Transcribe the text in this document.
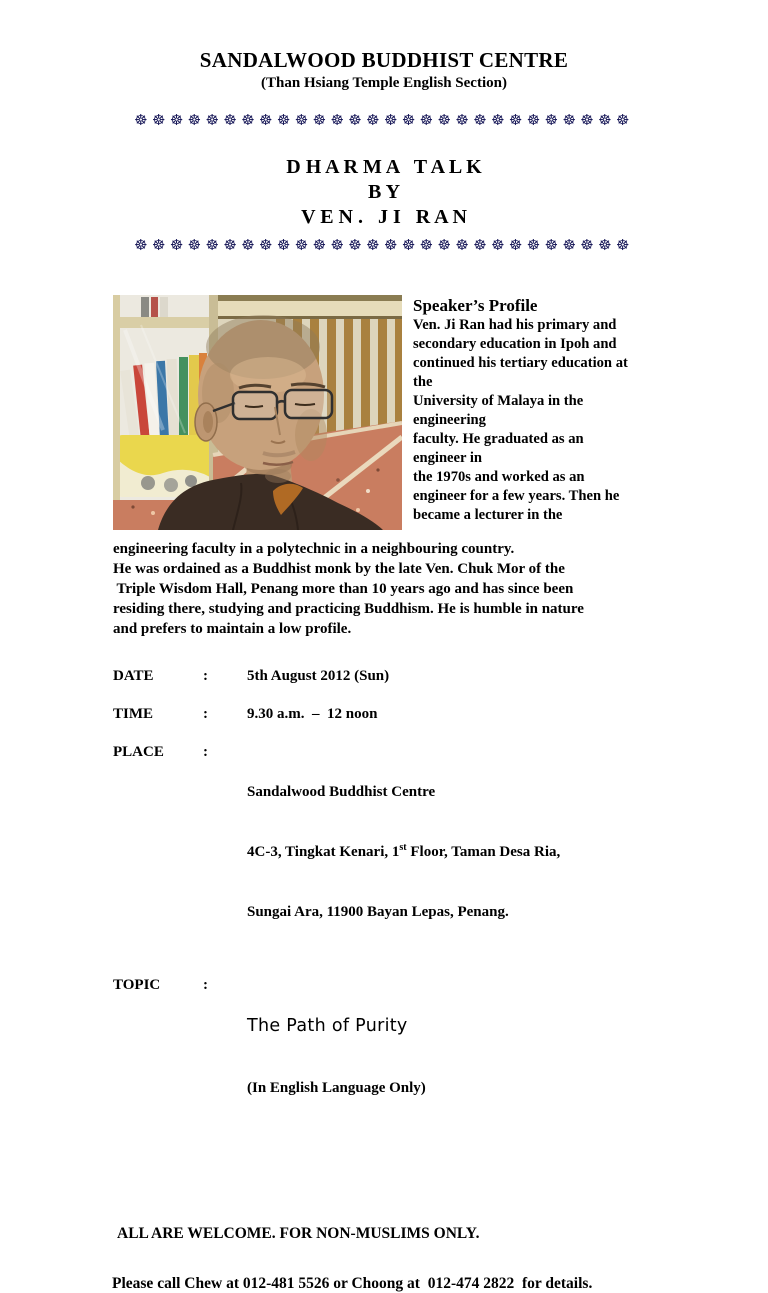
SANDALWOOD BUDDHIST CENTRE
(Than Hsiang Temple English Section)
☸☸☸☸☸☸☸☸☸☸☸☸☸☸☸☸☸☸☸☸☸☸☸☸☸☸☸☸
D H A R M A   T A L K
B Y
V E N .   J I   R A N
☸☸☸☸☸☸☸☸☸☸☸☸☸☸☸☸☸☸☸☸☸☸☸☸☸☸☸☸
Speaker’s Profile
Ven. Ji Ran had his primary and
secondary education in Ipoh and
continued his tertiary education at
the
University of Malaya in the
engineering
faculty. He graduated as an
engineer in
the 1970s and worked as an
engineer for a few years. Then he
became a lecturer in the
engineering faculty in a polytechnic in a neighbouring country.
He was ordained as a Buddhist monk by the late Ven. Chuk Mor of the
Triple Wisdom Hall, Penang more than 10 years ago and has since been
residing there, studying and practicing Buddhism. He is humble in nature
and prefers to maintain a low profile.
DATE	:	5th August 2012 (Sun)
TIME	:	9.30 a.m.  –  12 noon
PLACE	:

Sandalwood Buddhist Centre

4C-3, Tingkat Kenari, 1st Floor, Taman Desa Ria,

Sungai Ara, 11900 Bayan Lepas, Penang.

TOPIC	:

The Path of Purity

(In English Language Only)

ALL ARE WELCOME. FOR NON-MUSLIMS ONLY.
Please call Chew at 012-481 5526 or Choong at  012-474 2822  for details.
